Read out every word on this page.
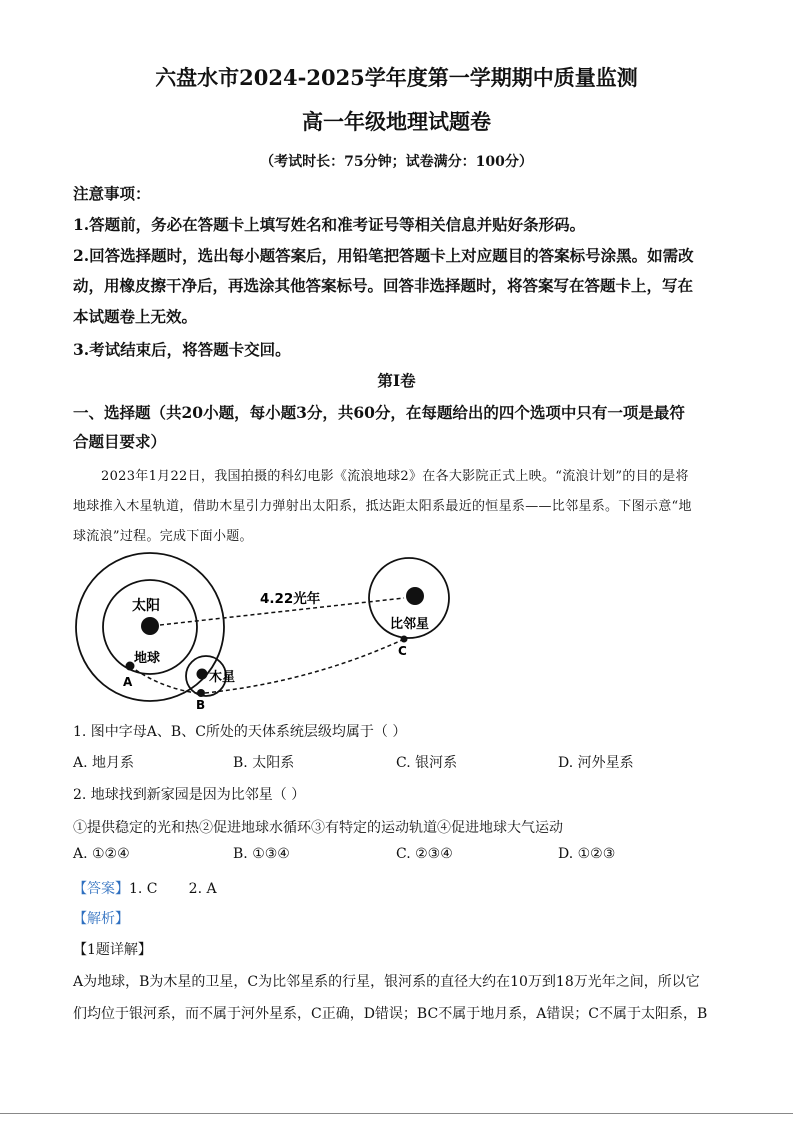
六盘水市2024-2025学年度第一学期期中质量监测
高一年级地理试题卷
（考试时长：75分钟；试卷满分：100分）
注意事项：
1.答题前，务必在答题卡上填写姓名和准考证号等相关信息并贴好条形码。
2.回答选择题时，选出每小题答案后，用铅笔把答题卡上对应题目的答案标号涂黑。如需改
动，用橡皮擦干净后，再选涂其他答案标号。回答非选择题时，将答案写在答题卡上，写在
本试题卷上无效。
3.考试结束后，将答题卡交回。
第I卷
一、选择题（共20小题，每小题3分，共60分，在每题给出的四个选项中只有一项是最符
合题目要求）
2023年1月22日，我国拍摄的科幻电影《流浪地球2》在各大影院正式上映。“流浪计划”的目的是将
地球推入木星轨道，借助木星引力弹射出太阳系，抵达距太阳系最近的恒星系——比邻星系。下图示意“地
球流浪”过程。完成下面小题。
太阳
地球
木星
比邻星
4.22光年
A
B
C
1. 图中字母A、B、C所处的天体系统层级均属于（ ）
A. 地月系	B. 太阳系	C. 银河系	D. 河外星系
2. 地球找到新家园是因为比邻星（ ）
①提供稳定的光和热②促进地球水循环③有特定的运动轨道④促进地球大气运动
A. ①②④	B. ①③④	C. ②③④	D. ①②③
【答案】1. C       2. A
【解析】
【1题详解】
A为地球，B为木星的卫星，C为比邻星系的行星，银河系的直径大约在10万到18万光年之间，所以它
们均位于银河系，而不属于河外星系，C正确，D错误；BC不属于地月系，A错误；C不属于太阳系，B
